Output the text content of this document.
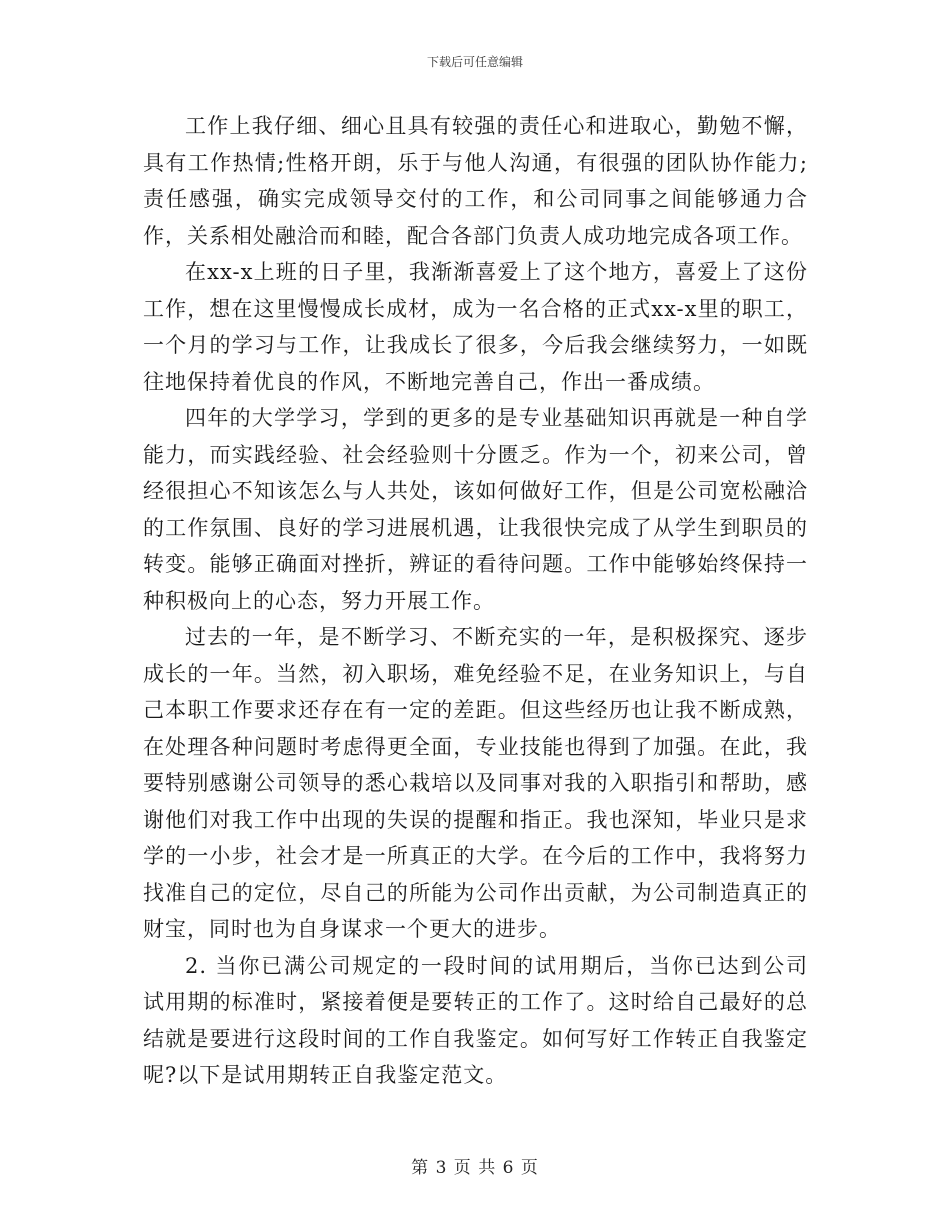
下载后可任意编辑

工作上我仔细、细心且具有较强的责任心和进取心，勤勉不懈，具有工作热情;性格开朗，乐于与他人沟通，有很强的团队协作能力;责任感强，确实完成领导交付的工作，和公司同事之间能够通力合作，关系相处融洽而和睦，配合各部门负责人成功地完成各项工作。

在xx-x上班的日子里，我渐渐喜爱上了这个地方，喜爱上了这份工作，想在这里慢慢成长成材，成为一名合格的正式xx-x里的职工，一个月的学习与工作，让我成长了很多，今后我会继续努力，一如既往地保持着优良的作风，不断地完善自己，作出一番成绩。

四年的大学学习，学到的更多的是专业基础知识再就是一种自学能力，而实践经验、社会经验则十分匮乏。作为一个，初来公司，曾经很担心不知该怎么与人共处，该如何做好工作，但是公司宽松融洽的工作氛围、良好的学习进展机遇，让我很快完成了从学生到职员的转变。能够正确面对挫折，辨证的看待问题。工作中能够始终保持一种积极向上的心态，努力开展工作。

过去的一年，是不断学习、不断充实的一年，是积极探究、逐步成长的一年。当然，初入职场，难免经验不足，在业务知识上，与自己本职工作要求还存在有一定的差距。但这些经历也让我不断成熟，在处理各种问题时考虑得更全面，专业技能也得到了加强。在此，我要特别感谢公司领导的悉心栽培以及同事对我的入职指引和帮助，感谢他们对我工作中出现的失误的提醒和指正。我也深知，毕业只是求学的一小步，社会才是一所真正的大学。在今后的工作中，我将努力找准自己的定位，尽自己的所能为公司作出贡献，为公司制造真正的财宝，同时也为自身谋求一个更大的进步。

2. 当你已满公司规定的一段时间的试用期后，当你已达到公司试用期的标准时，紧接着便是要转正的工作了。这时给自己最好的总结就是要进行这段时间的工作自我鉴定。如何写好工作转正自我鉴定呢?以下是试用期转正自我鉴定范文。

第 3 页 共 6 页
